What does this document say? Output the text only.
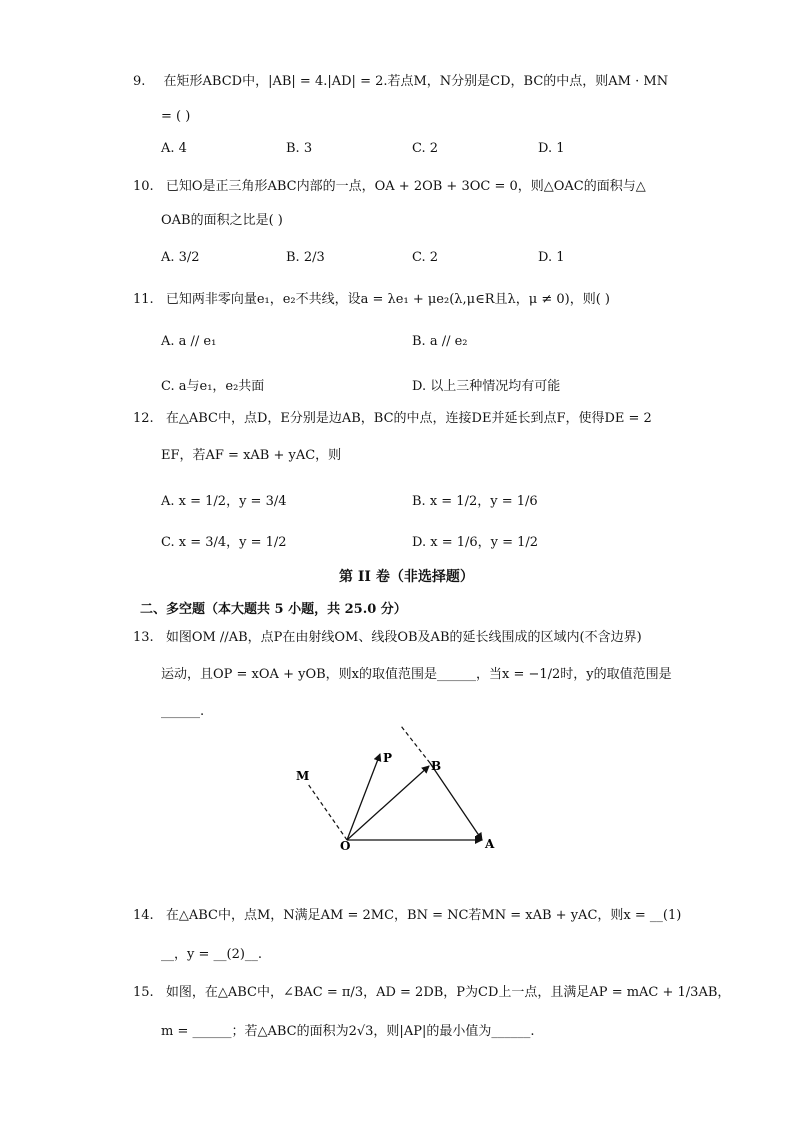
9. 在矩形ABCD中，|AB| = 4.|AD| = 2.若点M，N分别是CD，BC的中点，则AM · MN
= ( )
A. 4	B. 3	C. 2	D. 1
10. 已知O是正三角形ABC内部的一点，OA + 2OB + 3OC = 0，则△OAC的面积与△
OAB的面积之比是( )
A. 3/2	B. 2/3	C. 2	D. 1
11. 已知两非零向量e₁，e₂不共线，设a = λe₁ + μe₂(λ,μ∈R且λ，μ ≠ 0)，则( )
A. a // e₁	B. a // e₂
C. a与e₁，e₂共面	D. 以上三种情况均有可能
12. 在△ABC中，点D，E分别是边AB，BC的中点，连接DE并延长到点F，使得DE = 2
EF，若AF = xAB + yAC，则
A. x = 1/2，y = 3/4	B. x = 1/2，y = 1/6
C. x = 3/4，y = 1/2	D. x = 1/6，y = 1/2
第 II 卷（非选择题）
二、多空题（本大题共 5 小题，共 25.0 分）
13. 如图OM //AB，点P在由射线OM、线段OB及AB的延长线围成的区域内(不含边界)
运动，且OP = xOA + yOB，则x的取值范围是______，当x = −1/2时，y的取值范围是
______.
M
P
B
O	A
14. 在△ABC中，点M，N满足AM = 2MC，BN = NC若MN = xAB + yAC，则x = __(1)
__，y = __(2)__.
15. 如图，在△ABC中，∠BAC = π/3，AD = 2DB，P为CD上一点，且满足AP = mAC + 1/3AB，
m = ______；若△ABC的面积为2√3，则|AP|的最小值为______.
